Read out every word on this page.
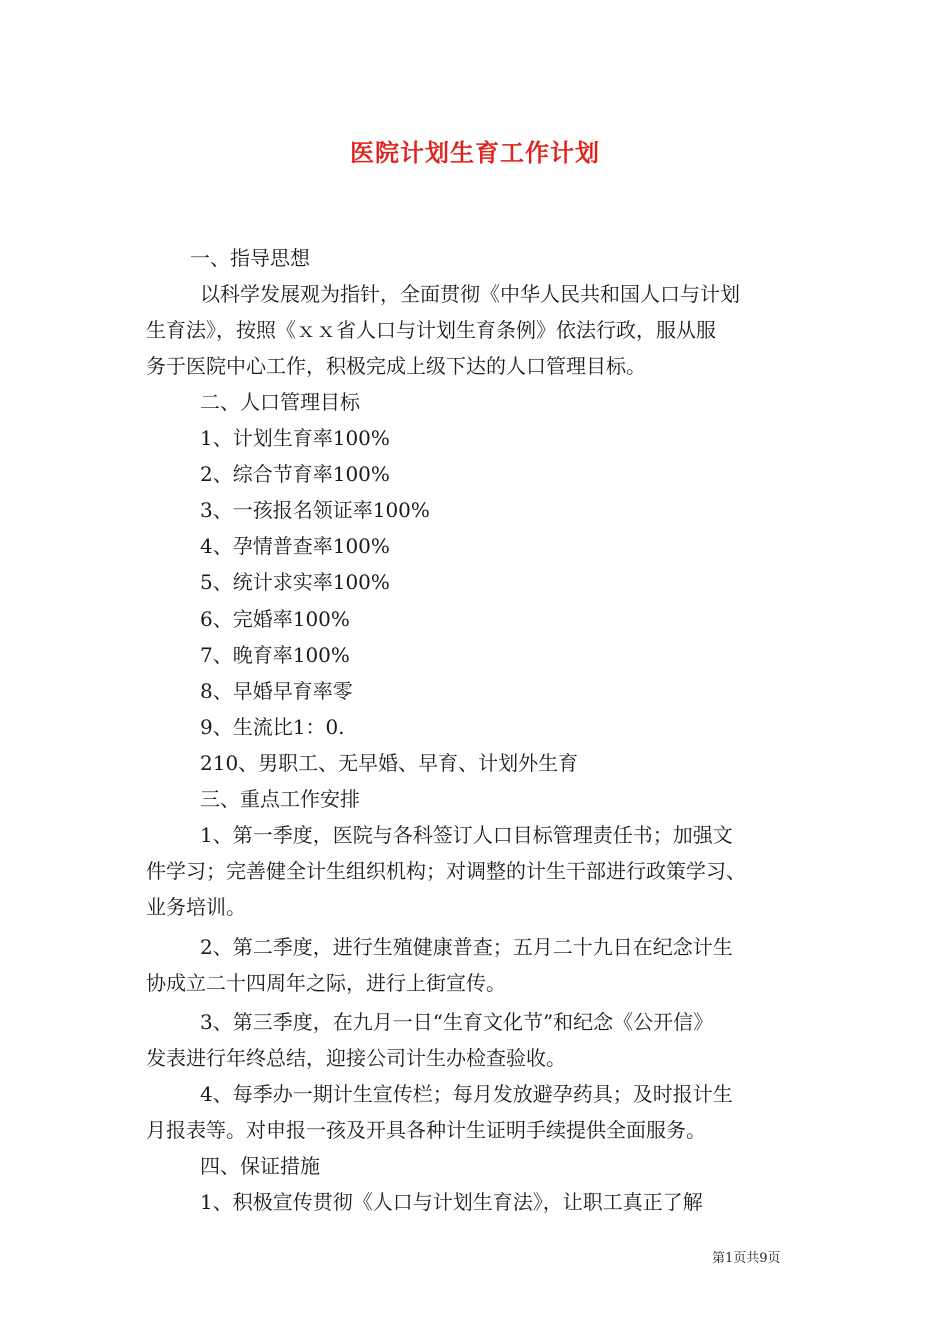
医院计划生育工作计划
一、指导思想
以科学发展观为指针，全面贯彻《中华人民共和国人口与计划
生育法》，按照《ｘｘ省人口与计划生育条例》依法行政，服从服
务于医院中心工作，积极完成上级下达的人口管理目标。
二、人口管理目标
1、计划生育率100%
2、综合节育率100%
3、一孩报名领证率100%
4、孕情普查率100%
5、统计求实率100%
6、完婚率100%
7、晚育率100%
8、早婚早育率零
9、生流比1：0.
210、男职工、无早婚、早育、计划外生育
三、重点工作安排
1、第一季度，医院与各科签订人口目标管理责任书；加强文
件学习；完善健全计生组织机构；对调整的计生干部进行政策学习、
业务培训。
2、第二季度，进行生殖健康普查；五月二十九日在纪念计生
协成立二十四周年之际，进行上街宣传。
3、第三季度，在九月一日“生育文化节”和纪念《公开信》
发表进行年终总结，迎接公司计生办检查验收。
4、每季办一期计生宣传栏；每月发放避孕药具；及时报计生
月报表等。对申报一孩及开具各种计生证明手续提供全面服务。
四、保证措施
1、积极宣传贯彻《人口与计划生育法》，让职工真正了解
第1页共9页
